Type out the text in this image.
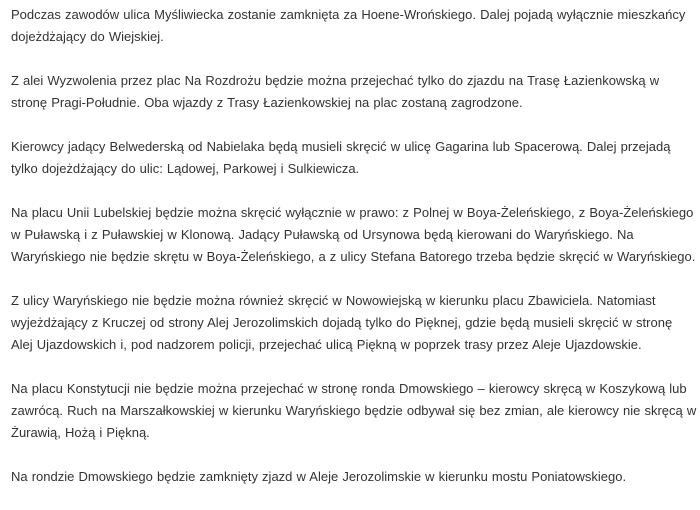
Podczas zawodów ulica Myśliwiecka zostanie zamknięta za Hoene-Wrońskiego. Dalej pojadą wyłącznie mieszkańcy dojeżdżający do Wiejskiej.

Z alei Wyzwolenia przez plac Na Rozdrożu będzie można przejechać tylko do zjazdu na Trasę Łazienkowską w stronę Pragi-Południe. Oba wjazdy z Trasy Łazienkowskiej na plac zostaną zagrodzone.

Kierowcy jadący Belwederską od Nabielaka będą musieli skręcić w ulicę Gagarina lub Spacerową. Dalej przejadą tylko dojeżdżający do ulic: Lądowej, Parkowej i Sulkiewicza.

Na placu Unii Lubelskiej będzie można skręcić wyłącznie w prawo: z Polnej w Boya-Żeleńskiego, z Boya-Żeleńskiego w Puławską i z Puławskiej w Klonową. Jadący Puławską od Ursynowa będą kierowani do Waryńskiego. Na Waryńskiego nie będzie skrętu w Boya-Żeleńskiego, a z ulicy Stefana Batorego trzeba będzie skręcić w Waryńskiego.

Z ulicy Waryńskiego nie będzie można również skręcić w Nowowiejską w kierunku placu Zbawiciela. Natomiast wyjeżdżający z Kruczej od strony Alej Jerozolimskich dojadą tylko do Pięknej, gdzie będą musieli skręcić w stronę Alej Ujazdowskich i, pod nadzorem policji, przejechać ulicą Piękną w poprzek trasy przez Aleje Ujazdowskie.

Na placu Konstytucji nie będzie można przejechać w stronę ronda Dmowskiego – kierowcy skręcą w Koszykową lub zawrócą. Ruch na Marszałkowskiej w kierunku Waryńskiego będzie odbywał się bez zmian, ale kierowcy nie skręcą w Żurawią, Hożą i Piękną.

Na rondzie Dmowskiego będzie zamknięty zjazd w Aleje Jerozolimskie w kierunku mostu Poniatowskiego.
